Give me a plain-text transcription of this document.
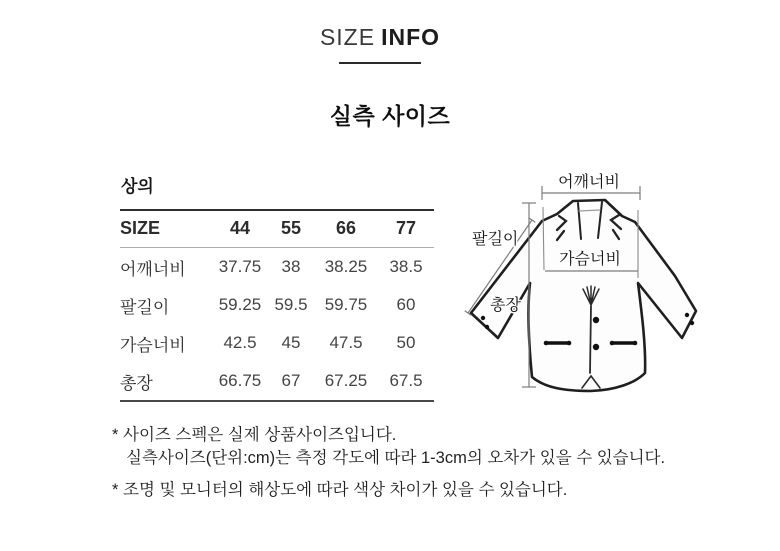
SIZE INFO
실측 사이즈
상의
SIZE	44	55	66	77
어깨너비	37.75	38	38.25	38.5
팔길이	59.25	59.5	59.75	60
가슴너비	42.5	45	47.5	50
총장	66.75	67	67.25	67.5
어깨너비
팔길이
가슴너비
총장

* 사이즈 스펙은 실제 상품사이즈입니다.

실측사이즈(단위:cm)는 측정 각도에 따라 1-3cm의 오차가 있을 수 있습니다.

* 조명 및 모니터의 해상도에 따라 색상 차이가 있을 수 있습니다.
